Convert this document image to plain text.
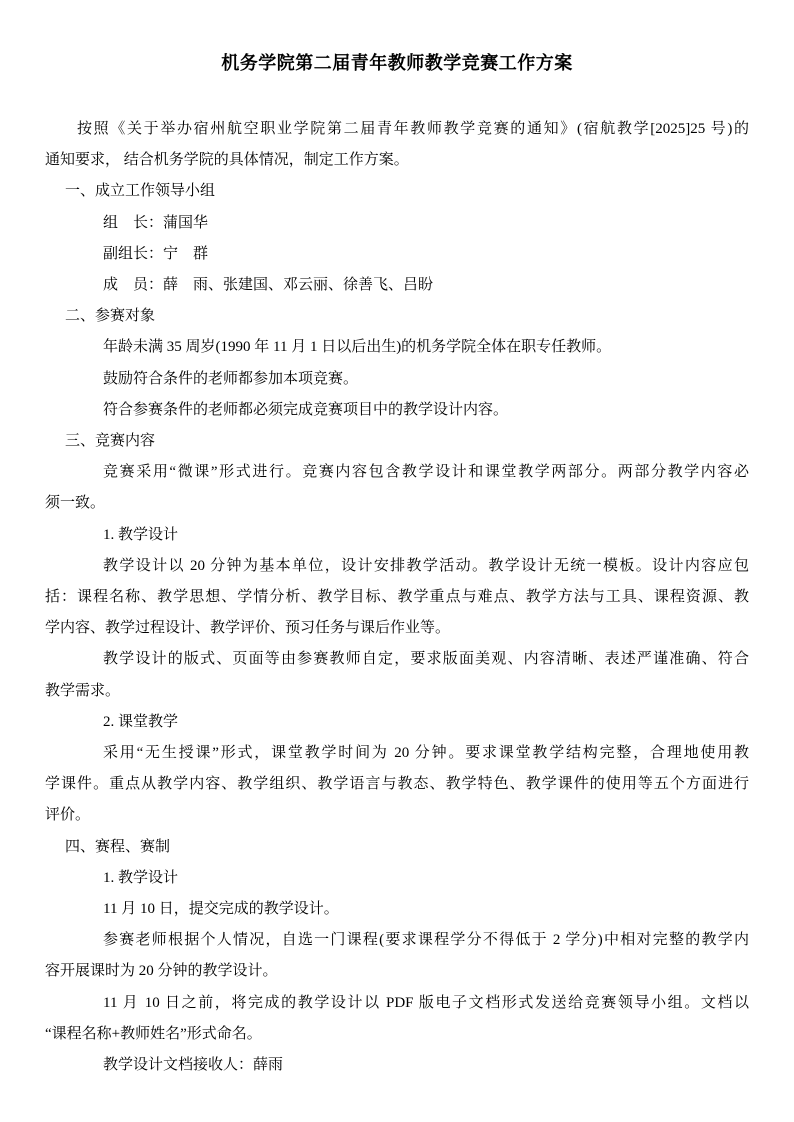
机务学院第二届青年教师教学竞赛工作方案
按照《关于举办宿州航空职业学院第二届青年教师教学竞赛的通知》(宿航教学[2025]25 号)的
通知要求， 结合机务学院的具体情况，制定工作方案。
一、成立工作领导小组
组　长：蒲国华
副组长：宁　群
成　员：薛　雨、张建国、邓云丽、徐善飞、吕盼
二、参赛对象
年龄未满 35 周岁(1990 年 11 月 1 日以后出生)的机务学院全体在职专任教师。
鼓励符合条件的老师都参加本项竞赛。
符合参赛条件的老师都必须完成竞赛项目中的教学设计内容。
三、竞赛内容
竞赛采用“微课”形式进行。竞赛内容包含教学设计和课堂教学两部分。两部分教学内容必
须一致。
1. 教学设计
教学设计以 20 分钟为基本单位，设计安排教学活动。教学设计无统一模板。设计内容应包
括：课程名称、教学思想、学情分析、教学目标、教学重点与难点、教学方法与工具、课程资源、教
学内容、教学过程设计、教学评价、预习任务与课后作业等。
教学设计的版式、页面等由参赛教师自定，要求版面美观、内容清晰、表述严谨准确、符合
教学需求。
2. 课堂教学
采用“无生授课”形式，课堂教学时间为 20 分钟。要求课堂教学结构完整，合理地使用教
学课件。重点从教学内容、教学组织、教学语言与教态、教学特色、教学课件的使用等五个方面进行
评价。
四、赛程、赛制
1. 教学设计
11 月 10 日，提交完成的教学设计。
参赛老师根据个人情况，自选一门课程(要求课程学分不得低于 2 学分)中相对完整的教学内
容开展课时为 20 分钟的教学设计。
11 月 10 日之前，将完成的教学设计以 PDF 版电子文档形式发送给竞赛领导小组。文档以
“课程名称+教师姓名”形式命名。
教学设计文档接收人：薛雨
